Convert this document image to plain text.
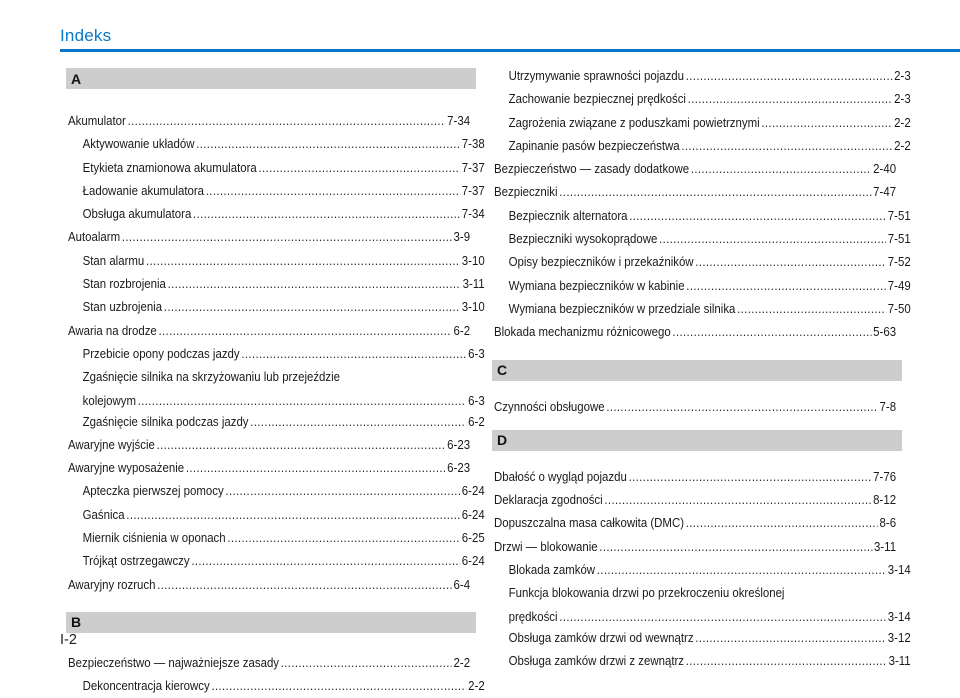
Indeks
A
Akumulator .....	7-34
Aktywowanie układów .....	7-38
Etykieta znamionowa akumulatora .....	7-37
Ładowanie akumulatora .....	7-37
Obsługa akumulatora .....	7-34
Autoalarm .....	3-9
Stan alarmu .....	3-10
Stan rozbrojenia .....	3-11
Stan uzbrojenia .....	3-10
Awaria na drodze .....	6-2
Przebicie opony podczas jazdy .....	6-3
Zgaśnięcie silnika na skrzyżowaniu lub przejeździe
kolejowym .....	6-3
Zgaśnięcie silnika podczas jazdy .....	6-2
Awaryjne wyjście .....	6-23
Awaryjne wyposażenie .....	6-23
Apteczka pierwszej pomocy .....	6-24
Gaśnica .....	6-24
Miernik ciśnienia w oponach .....	6-25
Trójkąt ostrzegawczy .....	6-24
Awaryjny rozruch .....	6-4
B
Bezpieczeństwo — najważniejsze zasady .....	2-2
Dekoncentracja kierowcy .....	2-2
Utrzymywanie sprawności pojazdu .....	2-3
Zachowanie bezpiecznej prędkości .....	2-3
Zagrożenia związane z poduszkami powietrznymi .....	2-2
Zapinanie pasów bezpieczeństwa .....	2-2
Bezpieczeństwo — zasady dodatkowe .....	2-40
Bezpieczniki .....	7-47
Bezpiecznik alternatora .....	7-51
Bezpieczniki wysokoprądowe .....	7-51
Opisy bezpieczników i przekaźników .....	7-52
Wymiana bezpieczników w kabinie .....	7-49
Wymiana bezpieczników w przedziale silnika .....	7-50
Blokada mechanizmu różnicowego .....	5-63
C
Czynności obsługowe .....	7-8
D
Dbałość o wygląd pojazdu .....	7-76
Deklaracja zgodności .....	8-12
Dopuszczalna masa całkowita (DMC) .....	8-6
Drzwi — blokowanie .....	3-11
Blokada zamków .....	3-14
Funkcja blokowania drzwi po przekroczeniu określonej
prędkości .....	3-14
Obsługa zamków drzwi od wewnątrz .....	3-12
Obsługa zamków drzwi z zewnątrz .....	3-11
I-2
